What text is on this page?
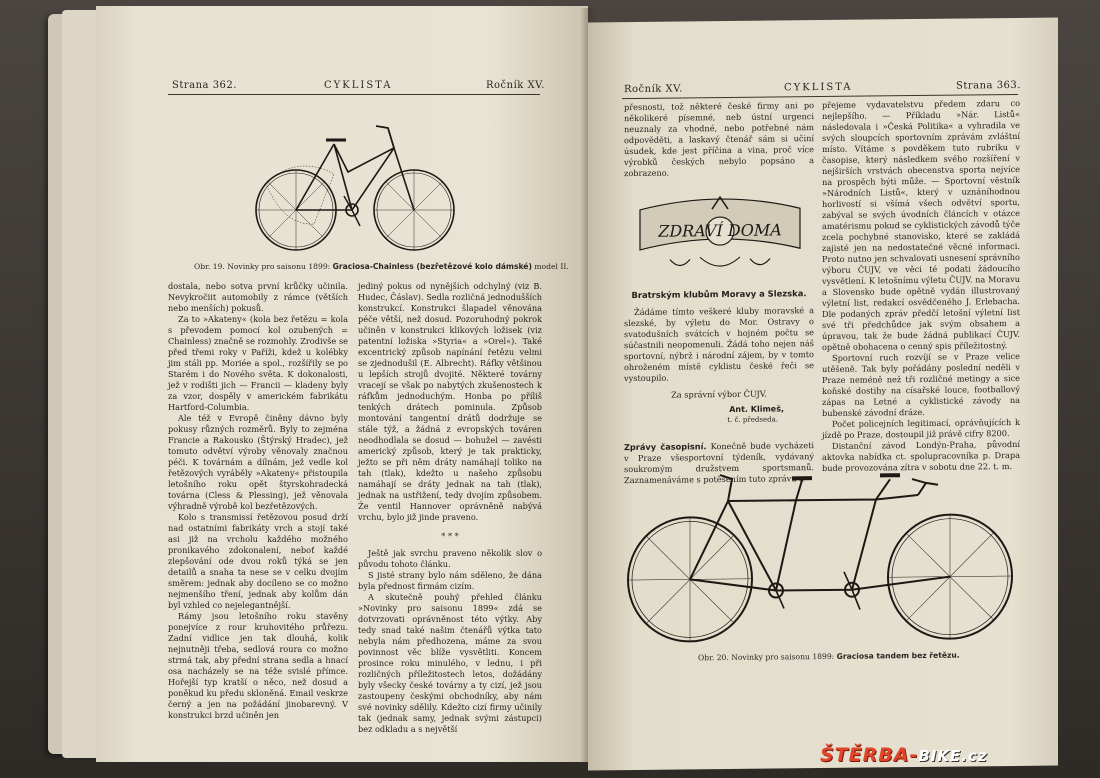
Strana 362.	CYKLISTA	Ročník XV.
Obr. 19. Novinky pro saisonu 1899: Graciosa-Chainless (bezřetězové kolo dámské) model II.

dostala, nebo sotva první krůčky učinila. Nevykročiit automobily z rámce (větších nebo menších) pokusů.

Za to »Akateny« (kola bez řetězu = kola s převodem pomocí kol ozubených = Chainless) značně se rozmohly. Zrodivše se před třemi roky v Paříži, kdež u kolébky jim stáli pp. Moriée a spol., rozšířily se po Starém i do Nového světa. K dokonalosti, jež v rodišti jich — Francii — kladeny byly za vzor, dospěly v americkém fabrikátu Hartford-Columbia.

Ale též v Evropě činěny dávno byly pokusy různých rozměrů. Byly to zejména Francie a Rakousko (Štýrský Hradec), jež tomuto odvětví výroby věnovaly značnou péči. K továrnám a dílnám, jež vedle kol řetězových vyráběly »Akateny« přistoupila letošního roku opět štyrskohradecká továrna (Cless & Plessing), jež věnovala výhradně výrobě kol bezřetězových.

Kolo s transmissí řetězovou posud drží nad ostatními fabrikáty vrch a stojí také asi již na vrcholu každého možného pronikavého zdokonalení, neboť každé zlepšování ode dvou roků týká se jen detailů a snaha ta nese se v celku dvojím směrem: jednak aby docíleno se co možno nejmenšího tření, jednak aby kolům dán byl vzhled co nejelegantnější.

Rámy jsou letošního roku stavěny ponejvíce z rour kruhovitého průřezu. Zadní vidlice jen tak dlouhá, kolik nejnutněji třeba, sedlová roura co možno strmá tak, aby přední strana sedla a hnací osa nacházely se na téže svislé přímce. Hořejší typ kratší o něco, než dosud a poněkud ku předu skloněná. Email veskrze černý a jen na požádání jinobarevný. V konstrukci brzd učiněn jen

jediný pokus od nynějších odchylný (viz B. Hudec, Čáslav). Sedla rozličná jednodušších konstrukcí. Konstrukci šlapadel věnována péče větší, než dosud. Pozoruhodný pokrok učiněn v konstrukci klikových ložisek (viz patentní ložiska »Styria« a »Orel«). Také excentrický způsob napínání řetězu velmi se zjednodušil (E. Albrecht). Ráfky většinou u lepších strojů dvojité. Některé továrny vracejí se však po nabytých zkušenostech k ráfkům jednoduchým. Honba po příliš tenkých drátech pominula. Způsob montování tangentní drátů dodržuje se stále týž, a žádná z evropských továren neodhodlala se dosud — bohužel — zavésti americký způsob, který je tak prakticky, ježto se při něm dráty namáhají toliko na tah (tlak), kdežto u našeho způsobu namáhají se dráty jednak na tah (tlak), jednak na ustřižení, tedy dvojím způsobem. Že ventil Hannover oprávněně nabývá vrchu, bylo již jinde praveno.

* * *

Ještě jak svrchu praveno několik slov o původu tohoto článku.

S jisté strany bylo nám sděleno, že dána byla přednost firmám cizím.

A skutečně pouhý přehled článku »Novinky pro saisonu 1899« zdá se dotvrzovati oprávněnost této výtky. Aby tedy snad také našim čtenářů výtka tato nebyla nám předhozena, máme za svou povinnost věc blíže vysvětliti. Koncem prosince roku minulého, v lednu, i při rozličných příležitostech letos, dožádány byly všecky české továrny a ty cizí, jež jsou zastoupeny českými obchodníky, aby nám své novinky sdělily. Kdežto cizí firmy učinily tak (jednak samy, jednak svými zástupci) bez odkladu a s největší

Ročník XV.	CYKLISTA	Strana 363.

přesnosti, tož některé české firmy ani po několikeré písemné, neb ústní urgenci neuznaly za vhodné, nebo potřebné nám odpověděti, a laskavý čtenář sám si učiní úsudek, kde jest příčina a vina, proč více výrobků českých nebylo popsáno a zobrazeno.

ZDRAVÍ DOMA
Bratrským klubům Moravy a Slezska.

Žádáme tímto veškeré kluby moravské a slezské, by výletu do Mor. Ostravy o svatodušních svátcích v hojném počtu se súčastnili neopomenuli. Žádá toho nejen náš sportovní, nýbrž i národní zájem, by v tomto ohroženém místě cyklistu české řeči se vystoupilo.

Za správní výbor ČUJV.
Ant. Klimeš,
t. č. předseda.
Zprávy časopisní. Konečně bude vycházeti v Praze všesportovní týdeník, vydávaný soukromým družstvem sportsmanů. Zaznamenáváme s potěšením tuto zprávu a

přejeme vydavatelstvu předem zdaru co nejlepšího. — Příkladu »Nár. Listů« následovala i »Česká Politika« a vyhradila ve svých sloupcích sportovním zprávám zvláštní místo. Vítáme s povděkem tuto rubriku v časopise, který následkem svého rozšíření v nejširších vrstvách obecenstva sporta nejvíce na prospěch býti může. — Sportovní věstník »Národních Listů«, který v uznáníhodnou horlivostí si všímá všech odvětví sportu, zabýval se svých úvodních článcích v otázce amatérismu pokud se cyklistických závodů týče zcela pochybné stanovisko, které se zakládá zajisté jen na nedostatečné věcné informaci. Proto nutno jen schvalovati usnesení správního výboru ČUJV, ve věci té podati žádoucího vysvětlení. K letošnímu výletu ČUJV. na Moravu a Slovensko bude opětně vydán illustrovaný výletní list, redakcí osvědčeného J. Erlebacha. Dle podaných zpráv předčí letošní výletní list své tři předchůdce jak svým obsahem a úpravou, tak že bude žádná publikací ČUJV. opětně obohacena o cenný spis příležitostný.

Sportovní ruch rozvíjí se v Praze velice utěšeně. Tak byly pořádány poslední neděli v Praze neméně než tři rozličné metingy a sice koňské dostihy na císařské louce, footballový zápas na Letné a cyklistické závody na bubenské závodní dráze.

Počet policejních legitimací, oprávňujících k jízdě po Praze, dostoupil již právě cifry 8200.

Distanční závod Londýn-Praha, původní aktovka nabídka ct. spolupracovníka p. Drapa bude provozována zítra v sobotu dne 22. t. m.

Obr. 20. Novinky pro saisonu 1899: Graciosa tandem bez řetězu.
ŠTĚRBA-BIKE.cz
